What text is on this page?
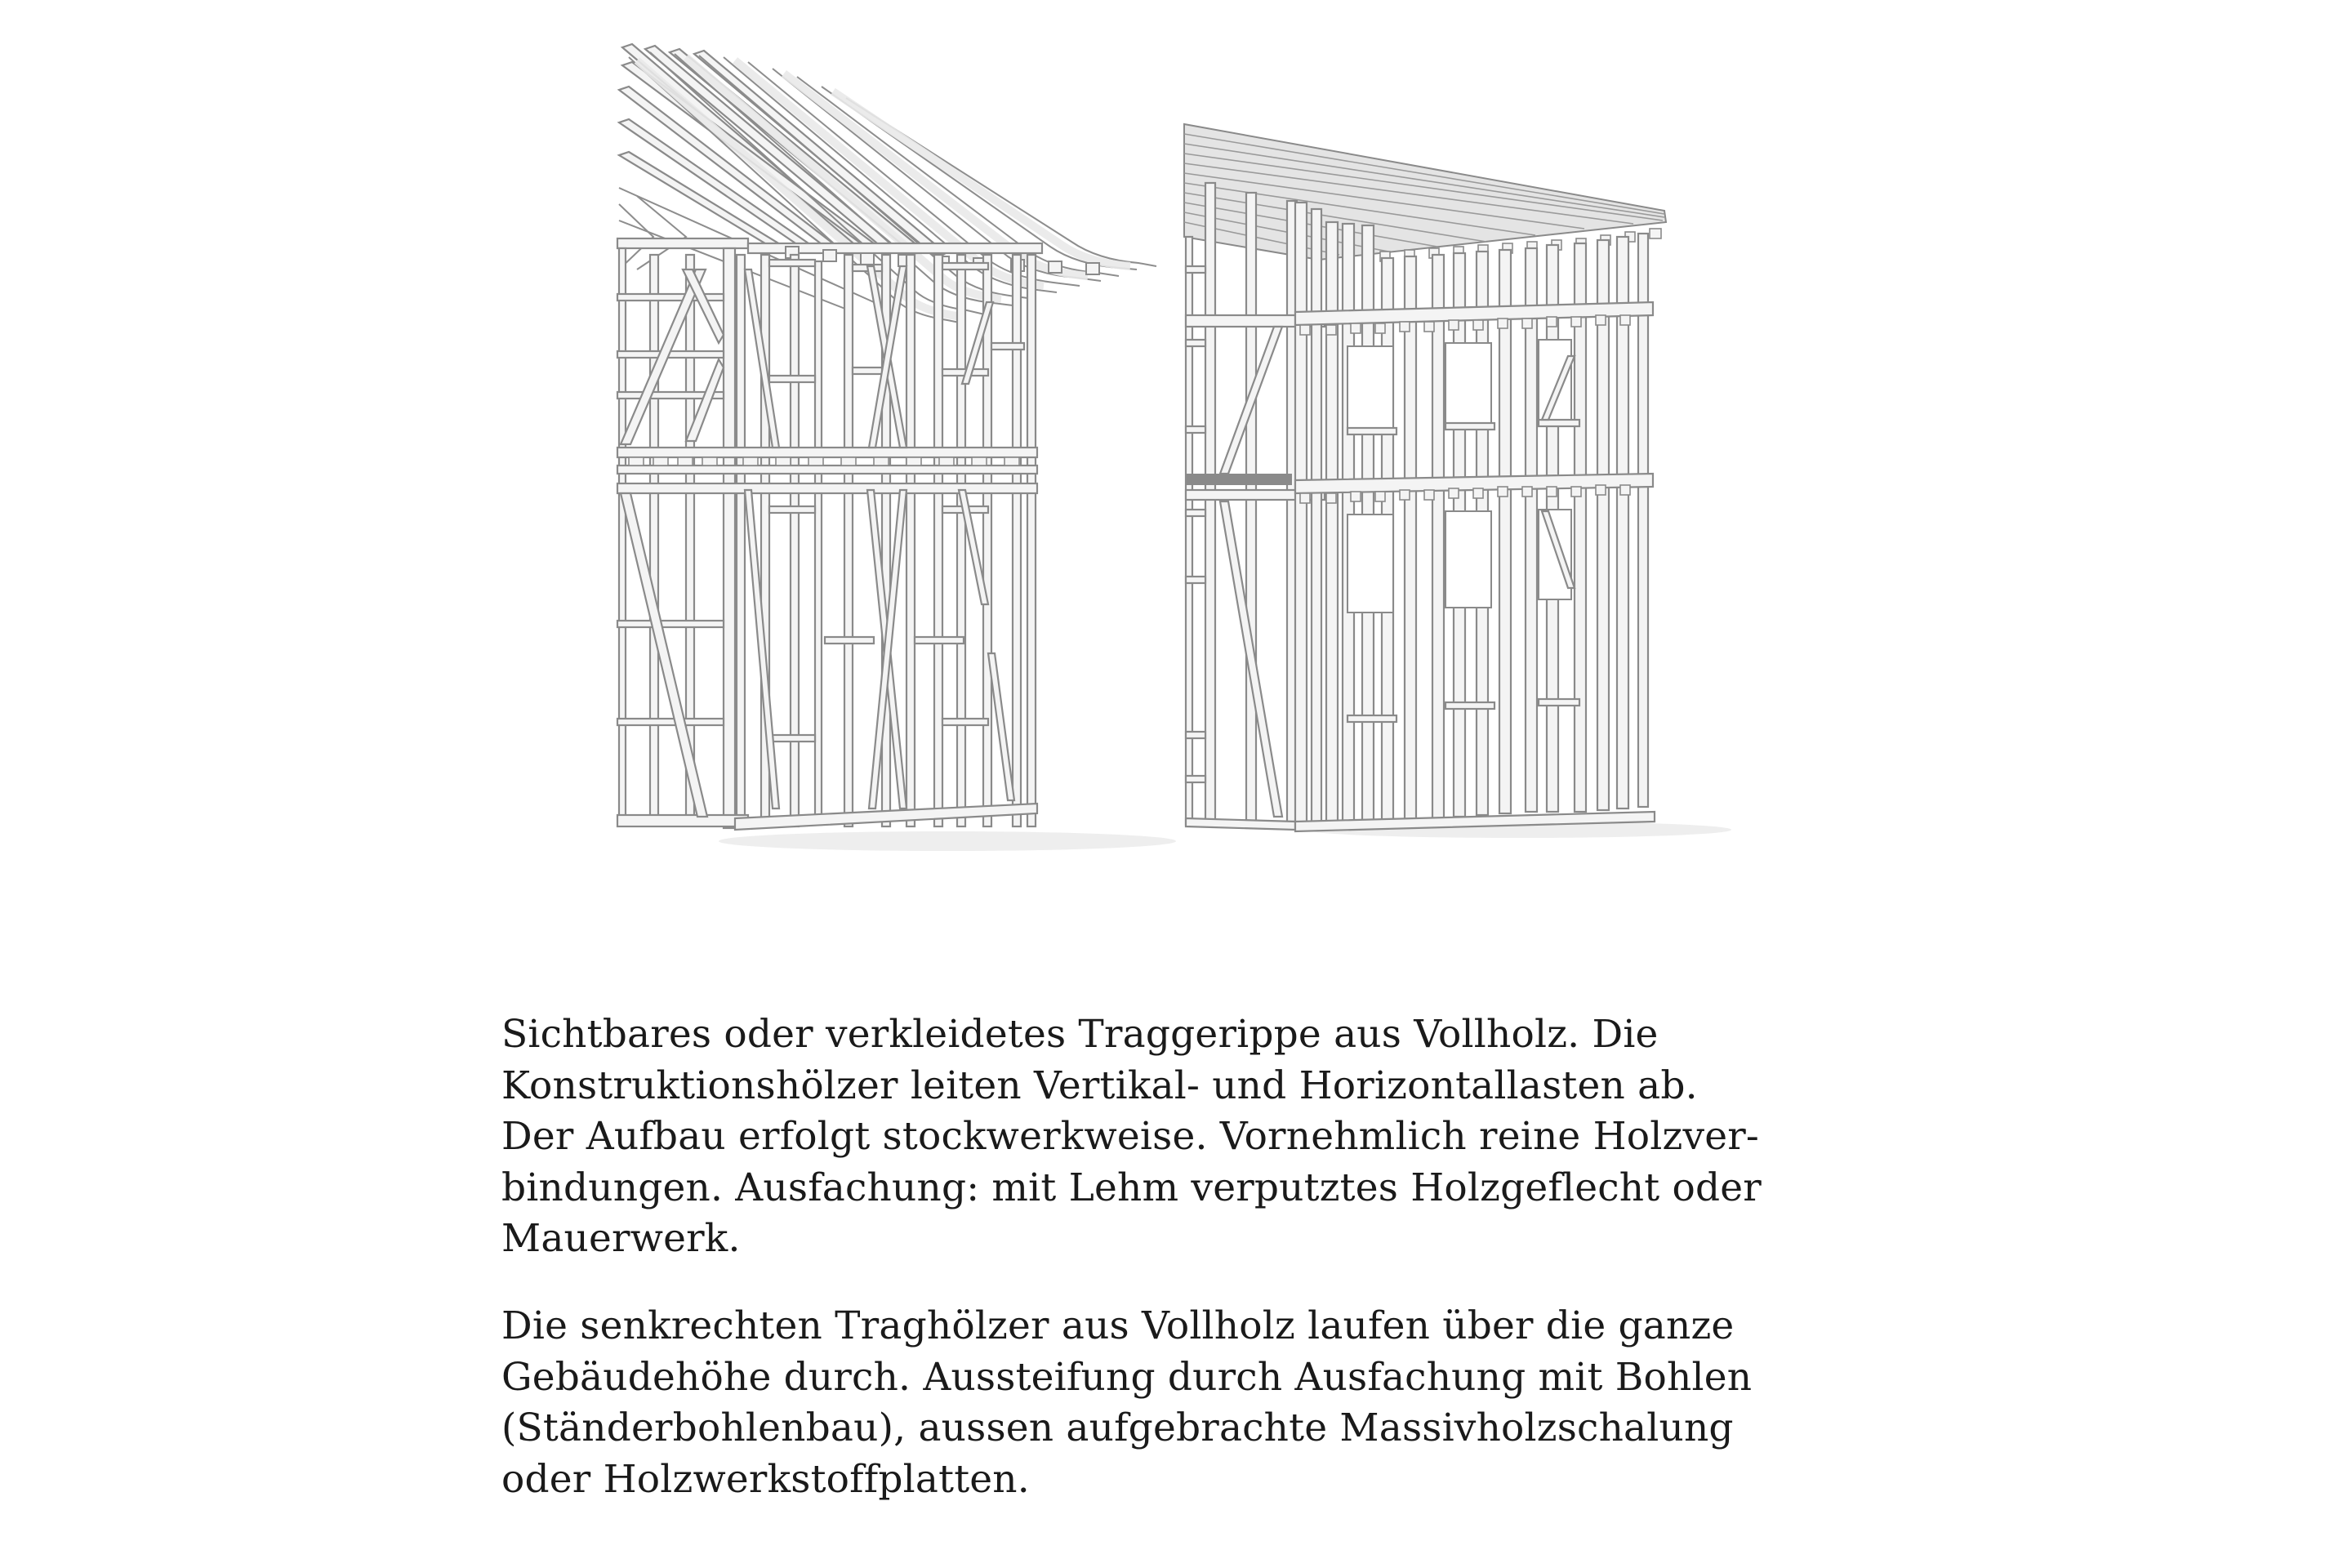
Sichtbares oder verkleidetes Traggerippe aus Vollholz. Die
Konstruktionshölzer leiten Vertikal- und Horizontallasten ab.
Der Aufbau erfolgt stockwerkweise. Vornehmlich reine Holzver-
bindungen. Ausfachung: mit Lehm verputztes Holzgeflecht oder
Mauerwerk.

Die senkrechten Traghölzer aus Vollholz laufen über die ganze
Gebäudehöhe durch. Aussteifung durch Ausfachung mit Bohlen
(Ständerbohlenbau), aussen aufgebrachte Massivholzschalung
oder Holzwerkstoffplatten.
